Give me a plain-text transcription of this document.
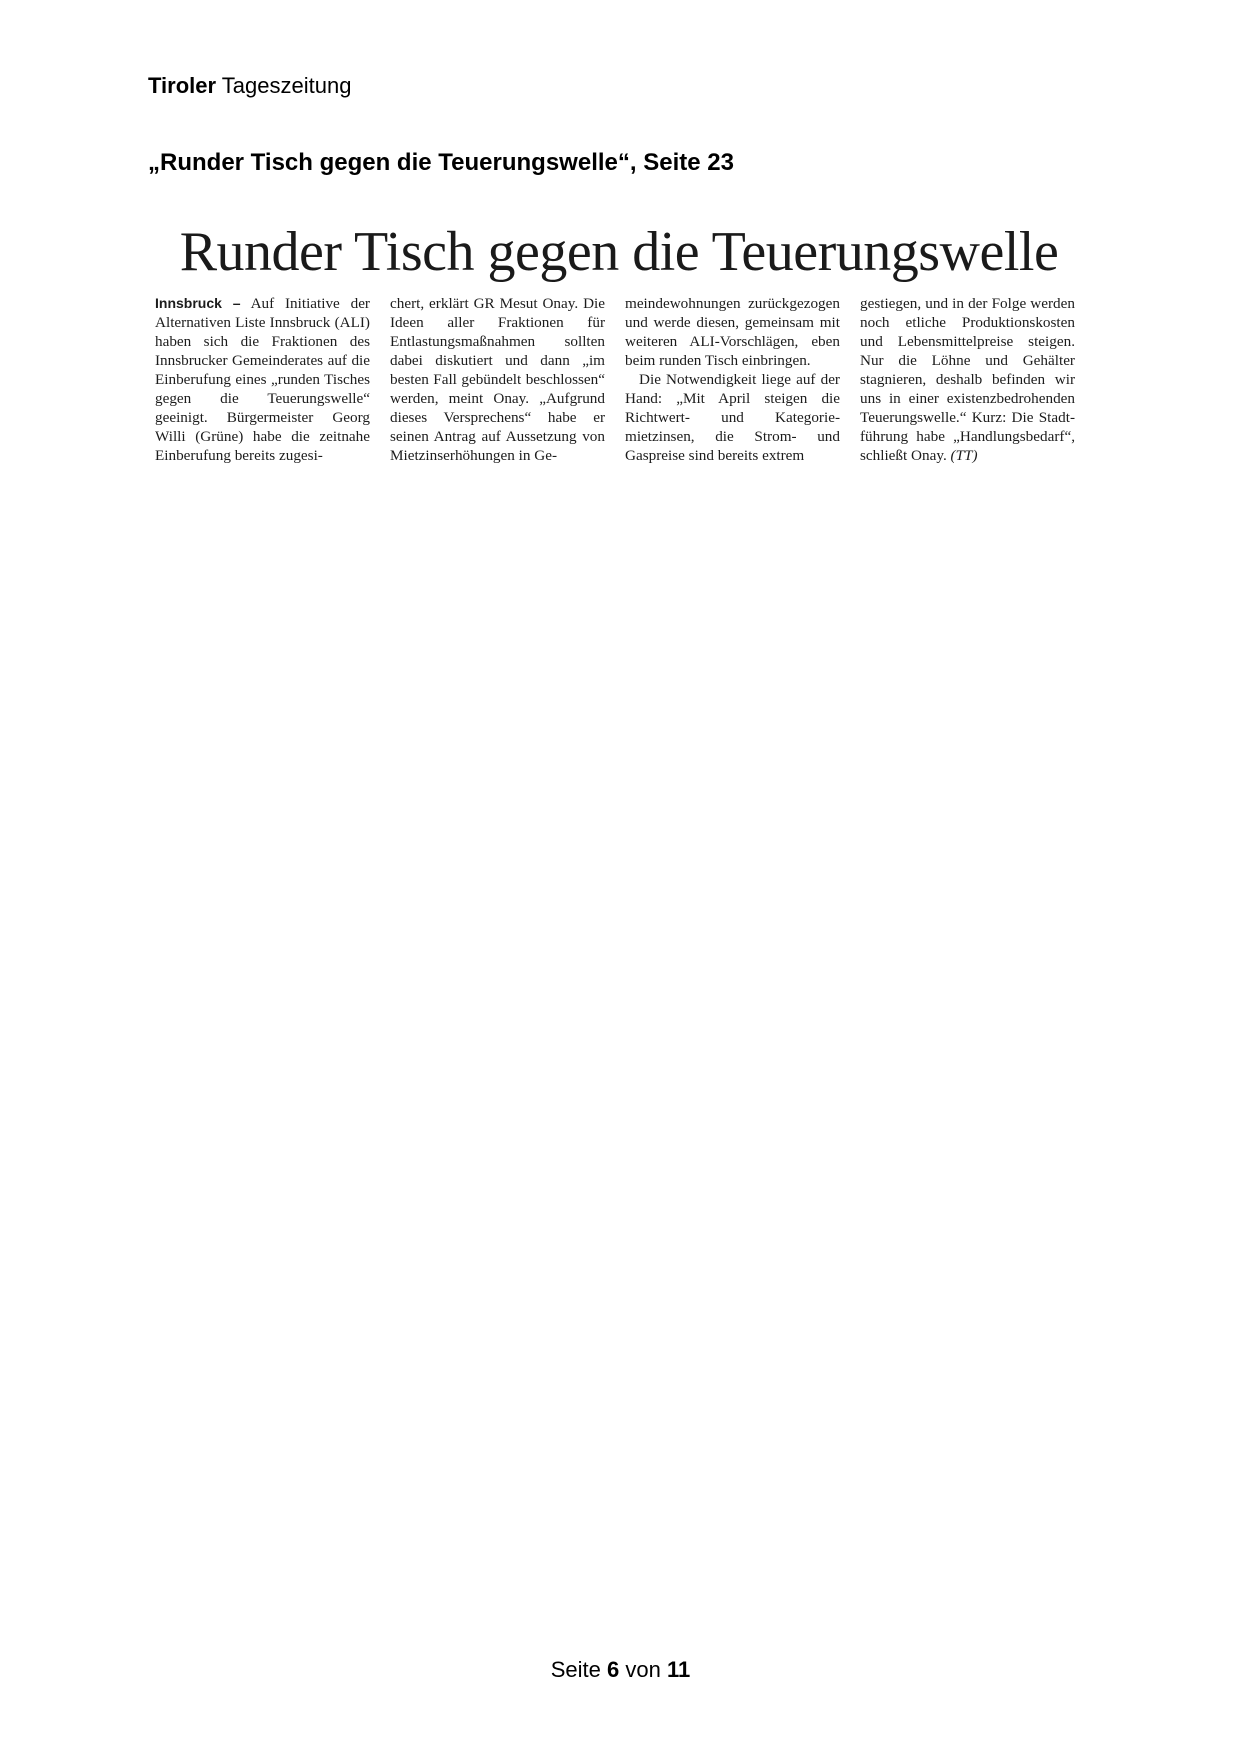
Tiroler Tageszeitung
„Runder Tisch gegen die Teuerungswelle“, Seite 23
Runder Tisch gegen die Teuerungswelle

Innsbruck – Auf Initiative der Alternativen Liste Innsbruck (ALI) haben sich die Fraktionen des Innsbrucker Gemeinderates auf die Einberufung eines „runden Tisches gegen die Teuerungswelle“ geeinigt. Bürgermeister Georg Willi (Grüne) habe die zeitnahe Einberufung bereits zugesi-

chert, erklärt GR Mesut Onay. Die Ideen aller Fraktionen für Entlastungsmaßnahmen sollten dabei diskutiert und dann „im besten Fall gebündelt beschlossen“ werden, meint Onay. „Aufgrund dieses Versprechens“ habe er seinen Antrag auf Aussetzung von Mietzinserhöhungen in Ge-

meindewohnungen zurückgezogen und werde diesen, gemeinsam mit weiteren ALI-Vorschlägen, eben beim runden Tisch einbringen.

Die Notwendigkeit liege auf der Hand: „Mit April steigen die Richtwert- und Kategoriemietzinsen, die Strom- und Gaspreise sind bereits extrem

gestiegen, und in der Folge werden noch etliche Produktionskosten und Lebensmittelpreise steigen. Nur die Löhne und Gehälter stagnieren, deshalb befinden wir uns in einer existenzbedrohenden Teuerungswelle.“ Kurz: Die Stadtführung habe „Handlungsbedarf“, schließt Onay. (TT)

Seite 6 von 11
